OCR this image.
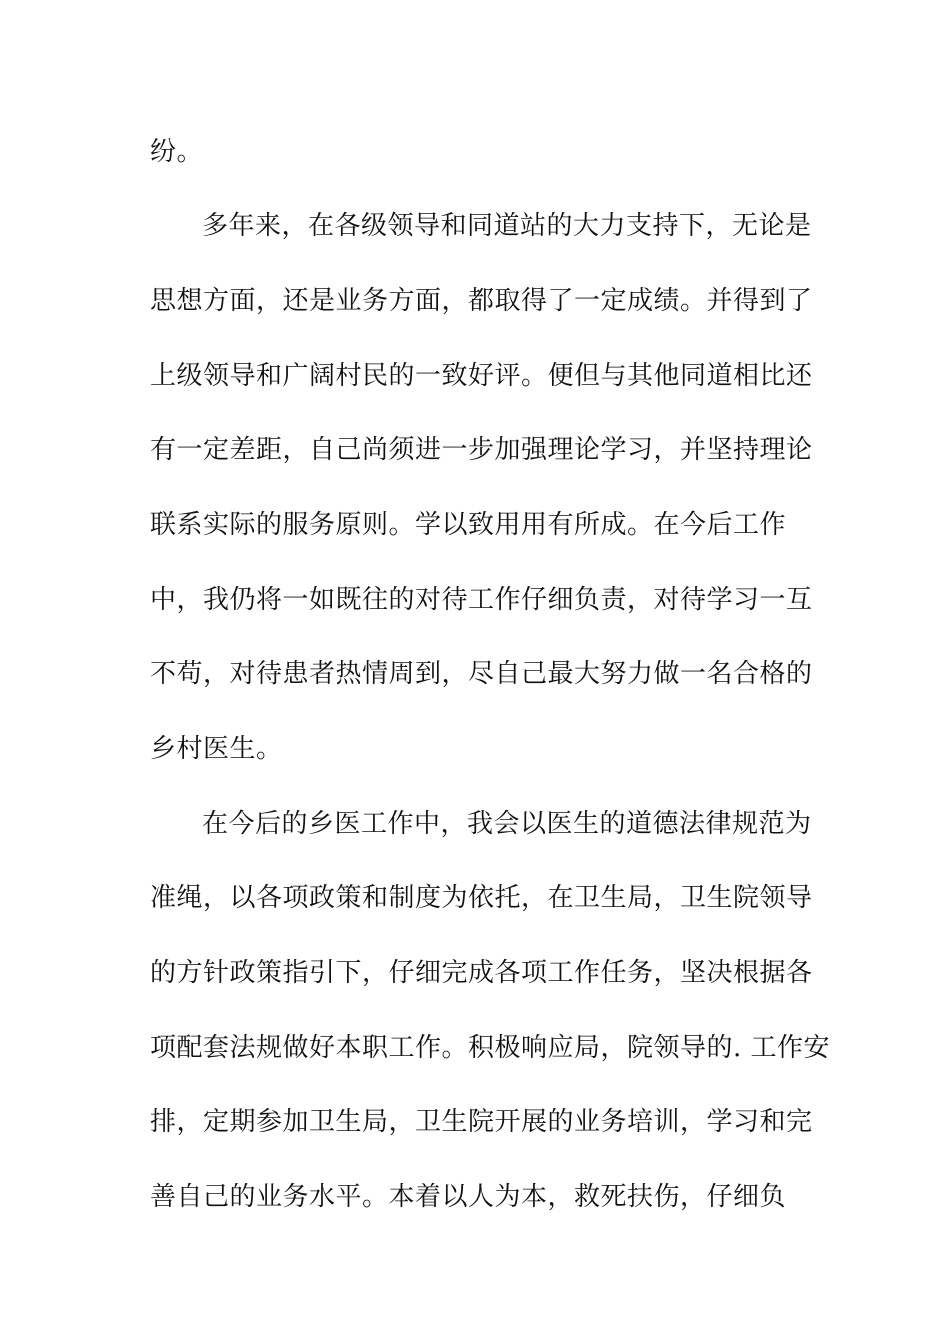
纷。
多年来，在各级领导和同道站的大力支持下，无论是
思想方面，还是业务方面，都取得了一定成绩。并得到了
上级领导和广阔村民的一致好评。便但与其他同道相比还
有一定差距，自己尚须进一步加强理论学习，并坚持理论
联系实际的服务原则。学以致用用有所成。在今后工作
中，我仍将一如既往的对待工作仔细负责，对待学习一互
不苟，对待患者热情周到，尽自己最大努力做一名合格的
乡村医生。
在今后的乡医工作中，我会以医生的道德法律规范为
准绳，以各项政策和制度为依托，在卫生局，卫生院领导
的方针政策指引下，仔细完成各项工作任务，坚决根据各
项配套法规做好本职工作。积极响应局，院领导的. 工作安
排，定期参加卫生局，卫生院开展的业务培训，学习和完
善自己的业务水平。本着以人为本，救死扶伤，仔细负
